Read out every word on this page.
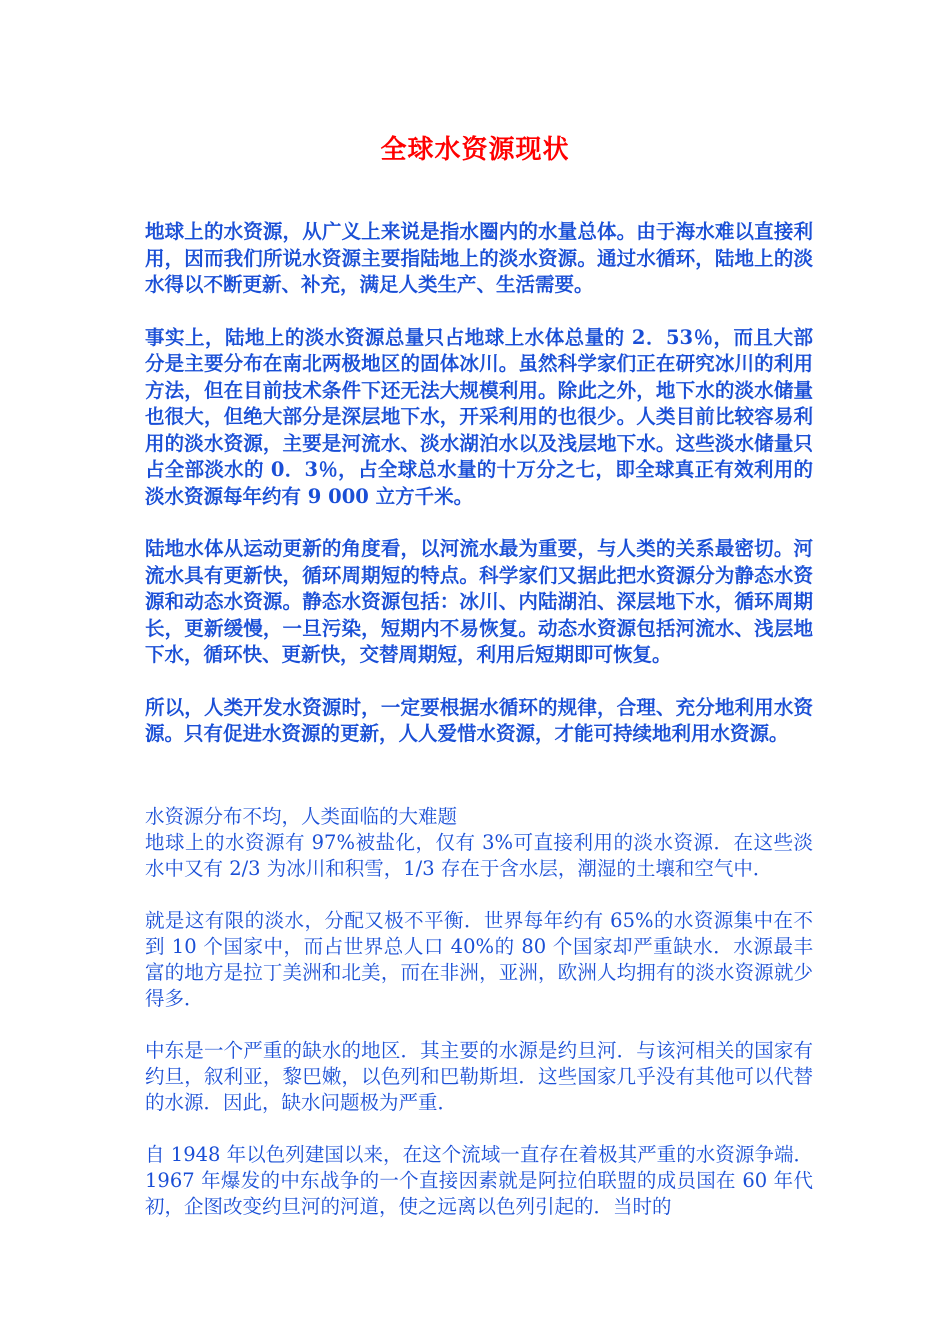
全球水资源现状

地球上的水资源，从广义上来说是指水圈内的水量总体。由于海水难以直接利用，因而我们所说水资源主要指陆地上的淡水资源。通过水循环，陆地上的淡水得以不断更新、补充，满足人类生产、生活需要。

事实上，陆地上的淡水资源总量只占地球上水体总量的 2．53％，而且大部分是主要分布在南北两极地区的固体冰川。虽然科学家们正在研究冰川的利用方法，但在目前技术条件下还无法大规模利用。除此之外，地下水的淡水储量也很大，但绝大部分是深层地下水，开采利用的也很少。人类目前比较容易利用的淡水资源，主要是河流水、淡水湖泊水以及浅层地下水。这些淡水储量只占全部淡水的 0．3％，占全球总水量的十万分之七，即全球真正有效利用的淡水资源每年约有 9 000 立方千米。

陆地水体从运动更新的角度看，以河流水最为重要，与人类的关系最密切。河流水具有更新快，循环周期短的特点。科学家们又据此把水资源分为静态水资源和动态水资源。静态水资源包括：冰川、内陆湖泊、深层地下水，循环周期长，更新缓慢，一旦污染，短期内不易恢复。动态水资源包括河流水、浅层地下水，循环快、更新快，交替周期短，利用后短期即可恢复。

所以，人类开发水资源时，一定要根据水循环的规律，合理、充分地利用水资源。只有促进水资源的更新，人人爱惜水资源，才能可持续地利用水资源。

水资源分布不均，人类面临的大难题

地球上的水资源有 97%被盐化，仅有 3%可直接利用的淡水资源．在这些淡水中又有 2/3 为冰川和积雪，1/3 存在于含水层，潮湿的土壤和空气中．

就是这有限的淡水，分配又极不平衡．世界每年约有 65%的水资源集中在不到 10 个国家中，而占世界总人口 40%的 80 个国家却严重缺水．水源最丰富的地方是拉丁美洲和北美，而在非洲，亚洲，欧洲人均拥有的淡水资源就少得多．

中东是一个严重的缺水的地区．其主要的水源是约旦河．与该河相关的国家有约旦，叙利亚，黎巴嫩，以色列和巴勒斯坦．这些国家几乎没有其他可以代替的水源．因此，缺水问题极为严重．

自 1948 年以色列建国以来，在这个流域一直存在着极其严重的水资源争端．1967 年爆发的中东战争的一个直接因素就是阿拉伯联盟的成员国在 60 年代初，企图改变约旦河的河道，使之远离以色列引起的．当时的
